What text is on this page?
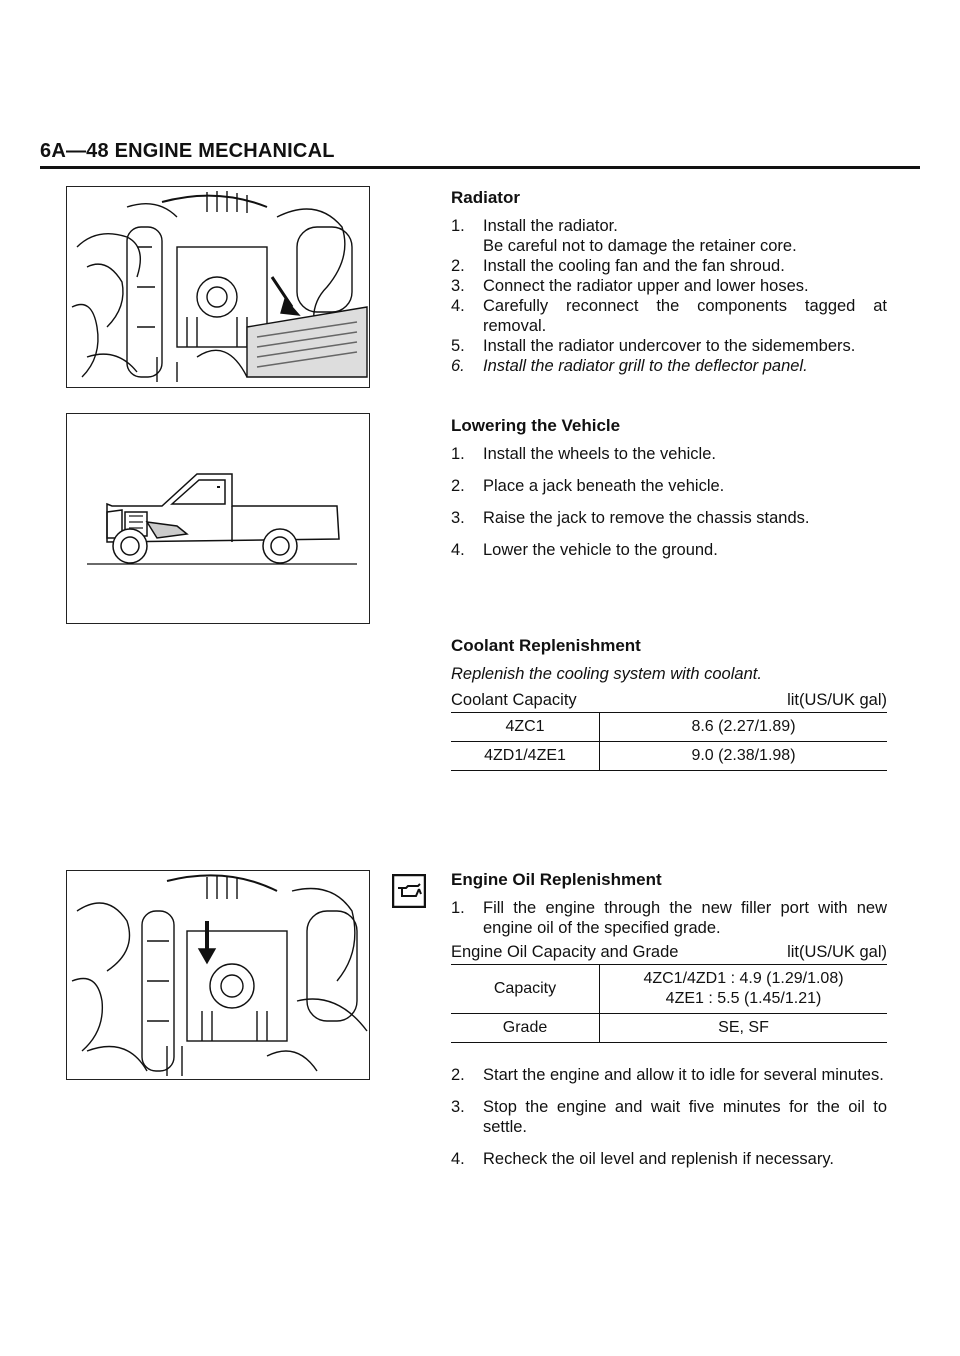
6A—48 ENGINE MECHANICAL
Radiator
1. Install the radiator.
Be careful not to damage the retainer core.
2. Install the cooling fan and the fan shroud.
3. Connect the radiator upper and lower hoses.
4. Carefully reconnect the components tagged at removal.
5. Install the radiator undercover to the sidemembers.
6. Install the radiator grill to the deflector panel.
Lowering the Vehicle
1. Install the wheels to the vehicle.
2. Place a jack beneath the vehicle.
3. Raise the jack to remove the chassis stands.
4. Lower the vehicle to the ground.
Coolant Replenishment
Replenish the cooling system with coolant.
Coolant Capacity	lit(US/UK gal)
4ZC1	8.6 (2.27/1.89)
4ZD1/4ZE1	9.0 (2.38/1.98)
Engine Oil Replenishment
1. Fill the engine through the new filler port with new engine oil of the specified grade.
Engine Oil Capacity and Grade	lit(US/UK gal)
Capacity	4ZC1/4ZD1 : 4.9 (1.29/1.08)
4ZE1 : 5.5 (1.45/1.21)

Grade	SE, SF
2. Start the engine and allow it to idle for several minutes.
3. Stop the engine and wait five minutes for the oil to settle.
4. Recheck the oil level and replenish if necessary.
